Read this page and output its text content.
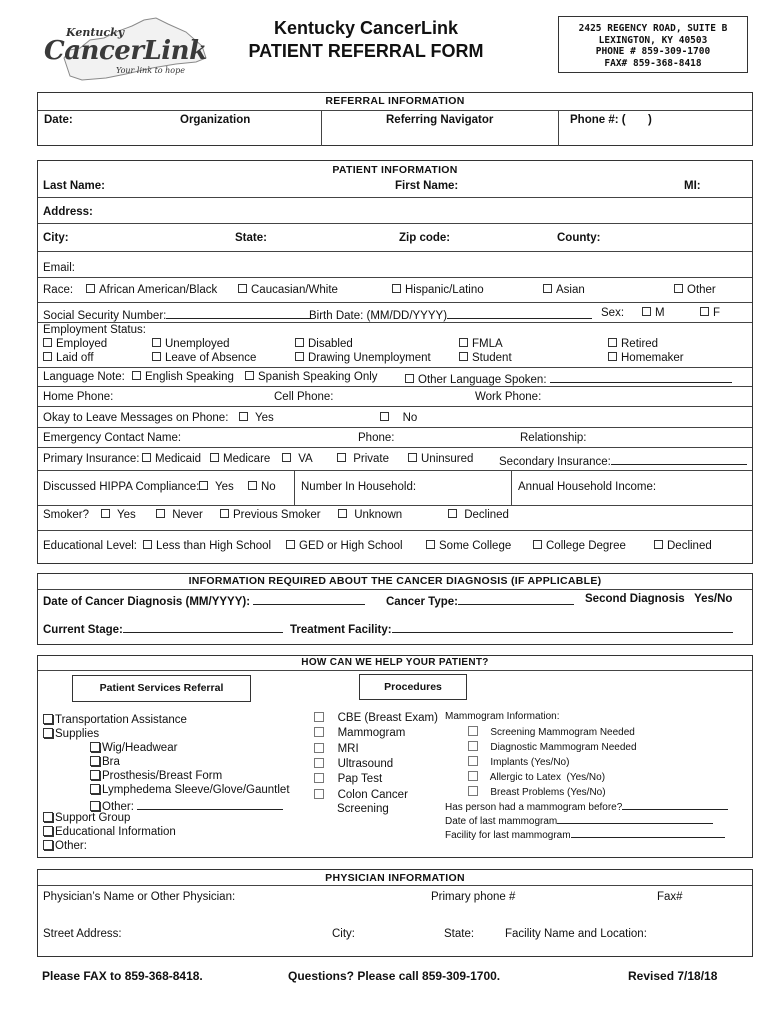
Kentucky
CancerLink
Your link to hope
Kentucky CancerLink
PATIENT REFERRAL FORM
2425 REGENCY ROAD, SUITE B
LEXINGTON, KY 40503
PHONE # 859-309-1700
FAX# 859-368-8418
REFERRAL INFORMATION
Date:	Organization	Referring Navigator	Phone #: (       )
PATIENT INFORMATION
Last Name:	First Name:	MI:
Address:
City:	State:	Zip code:	County:
Email:
Race:	African American/Black	Caucasian/White	Hispanic/Latino	Asian	Other
Social Security Number:	Birth Date: (MM/DD/YYYY)	Sex:	M	F
Employment Status:
Employed	Unemployed	Disabled	FMLA	Retired
Laid off	Leave of Absence	Drawing Unemployment	Student	Homemaker
Language Note:	English Speaking	Spanish Speaking Only	Other Language Spoken:
Home Phone:	Cell Phone:	Work Phone:
Okay to Leave Messages on Phone:	Yes	No
Emergency Contact Name:	Phone:	Relationship:
Primary Insurance:	Medicaid	Medicare	VA	Private	Uninsured Secondary Insurance:
Discussed HIPPA Compliance:	Yes	No Number In Household:	Annual Household Income:
Smoker?	Yes	Never	Previous Smoker	Unknown	Declined
Educational Level:	Less than High School	GED or High School	Some College	College Degree	Declined
INFORMATION REQUIRED ABOUT THE CANCER DIAGNOSIS (IF APPLICABLE)
Date of Cancer Diagnosis (MM/YYYY):	Cancer Type:	Second Diagnosis   Yes/No
Current Stage:	Treatment Facility:
HOW CAN WE HELP YOUR PATIENT?
Patient Services Referral	Procedures
Transportation Assistance
Supplies
Wig/Headwear
Bra
Prosthesis/Breast Form
Lymphedema Sleeve/Glove/Gauntlet
Other:
Support Group
Educational Information
Other:
CBE (Breast Exam)
Mammogram
MRI
Ultrasound
Pap Test
Colon Cancer
Screening
Mammogram Information:
Screening Mammogram Needed
Diagnostic Mammogram Needed
Implants (Yes/No)
Allergic to Latex  (Yes/No)
Breast Problems (Yes/No)
Has person had a mammogram before?
Date of last mammogram
Facility for last mammogram
PHYSICIAN INFORMATION
Physician’s Name or Other Physician:	Primary phone #	Fax#
Street Address:	City:	State:	Facility Name and Location:
Please FAX to 859-368-8418.	Questions? Please call 859-309-1700.	Revised 7/18/18
